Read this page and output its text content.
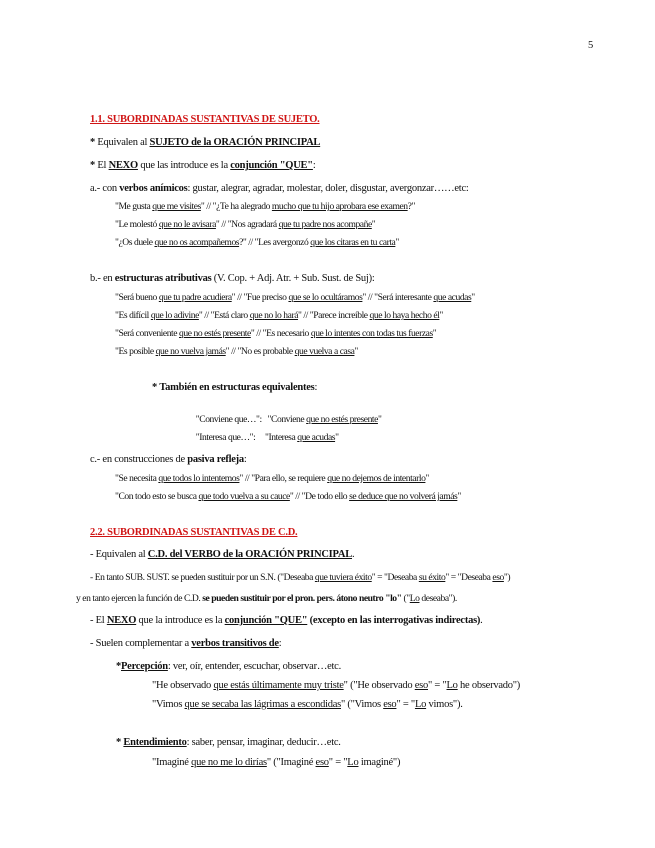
5
1.1. SUBORDINADAS SUSTANTIVAS DE SUJETO.
* Equivalen al SUJETO de la ORACIÓN PRINCIPAL
* El NEXO que las introduce es la conjunción "QUE":
a.- con verbos anímicos: gustar, alegrar, agradar, molestar, doler, disgustar, avergonzar……etc:
"Me gusta que me visites" // "¿Te ha alegrado mucho que tu hijo aprobara ese examen?"
"Le molestó que no le avisara" // "Nos agradará que tu padre nos acompañe"
"¿Os duele que no os acompañemos?" // "Les avergonzó que los citaras en tu carta"
b.- en estructuras atributivas (V. Cop. + Adj. Atr. + Sub. Sust. de Suj):
"Será bueno que tu padre acudiera" // "Fue preciso que se lo ocultáramos" // "Será interesante que acudas"
"Es difícil que lo adivine" // "Está claro que no lo hará" // "Parece increíble que lo haya hecho él"
"Será conveniente que no estés presente" // "Es necesario que lo intentes con todas tus fuerzas"
"Es posible que no vuelva jamás" // "No es probable que vuelva a casa"
* También en estructuras equivalentes:

"Conviene que…":   "Conviene que no estés presente"

"Interesa que…":     "Interesa que acudas"

c.- en construcciones de pasiva refleja:
"Se necesita que todos lo intentemos" // "Para ello, se requiere que no dejemos de intentarlo"
"Con todo esto se busca que todo vuelva a su cauce" // "De todo ello se deduce que no volverá jamás"
2.2. SUBORDINADAS SUSTANTIVAS DE C.D.
- Equivalen al C.D. del VERBO de la ORACIÓN PRINCIPAL.
- En tanto SUB. SUST. se pueden sustituir por un S.N. ("Deseaba que tuviera éxito" = "Deseaba su éxito" = "Deseaba eso")
y en tanto ejercen la función de C.D. se pueden sustituir por el pron. pers. átono neutro "lo" ("Lo deseaba").
- El NEXO que la introduce es la conjunción "QUE" (excepto en las interrogativas indirectas).
- Suelen complementar a verbos transitivos de:
*Percepción: ver, oír, entender, escuchar, observar…etc.
"He observado que estás últimamente muy triste" ("He observado eso" = "Lo he observado")
"Vimos que se secaba las lágrimas a escondidas" ("Vimos eso" = "Lo vimos").
* Entendimiento: saber, pensar, imaginar, deducir…etc.
"Imaginé que no me lo dirías" ("Imaginé eso" = "Lo imaginé")
